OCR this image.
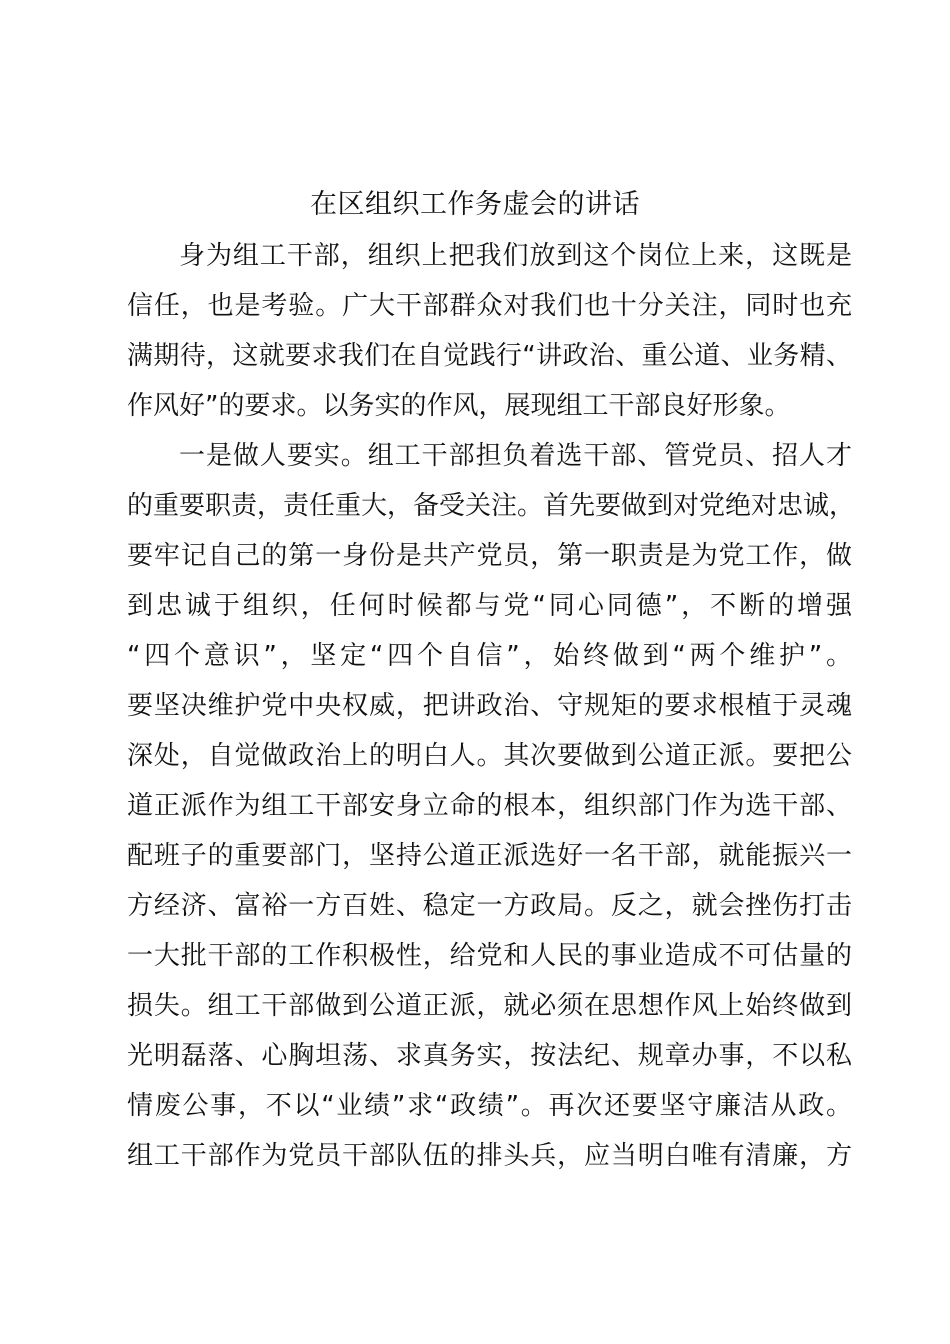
在区组织工作务虚会的讲话
身为组工干部，组织上把我们放到这个岗位上来，这既是
信任，也是考验。广大干部群众对我们也十分关注，同时也充
满期待，这就要求我们在自觉践行“讲政治、重公道、业务精、
作风好”的要求。以务实的作风，展现组工干部良好形象。
一是做人要实。组工干部担负着选干部、管党员、招人才
的重要职责，责任重大，备受关注。首先要做到对党绝对忠诚，
要牢记自己的第一身份是共产党员，第一职责是为党工作，做
到忠诚于组织，任何时候都与党“同心同德”，不断的增强
“四个意识”，坚定“四个自信”，始终做到“两个维护”。
要坚决维护党中央权威，把讲政治、守规矩的要求根植于灵魂
深处，自觉做政治上的明白人。其次要做到公道正派。要把公
道正派作为组工干部安身立命的根本，组织部门作为选干部、
配班子的重要部门，坚持公道正派选好一名干部，就能振兴一
方经济、富裕一方百姓、稳定一方政局。反之，就会挫伤打击
一大批干部的工作积极性，给党和人民的事业造成不可估量的
损失。组工干部做到公道正派，就必须在思想作风上始终做到
光明磊落、心胸坦荡、求真务实，按法纪、规章办事，不以私
情废公事，不以“业绩”求“政绩”。再次还要坚守廉洁从政。
组工干部作为党员干部队伍的排头兵，应当明白唯有清廉，方
